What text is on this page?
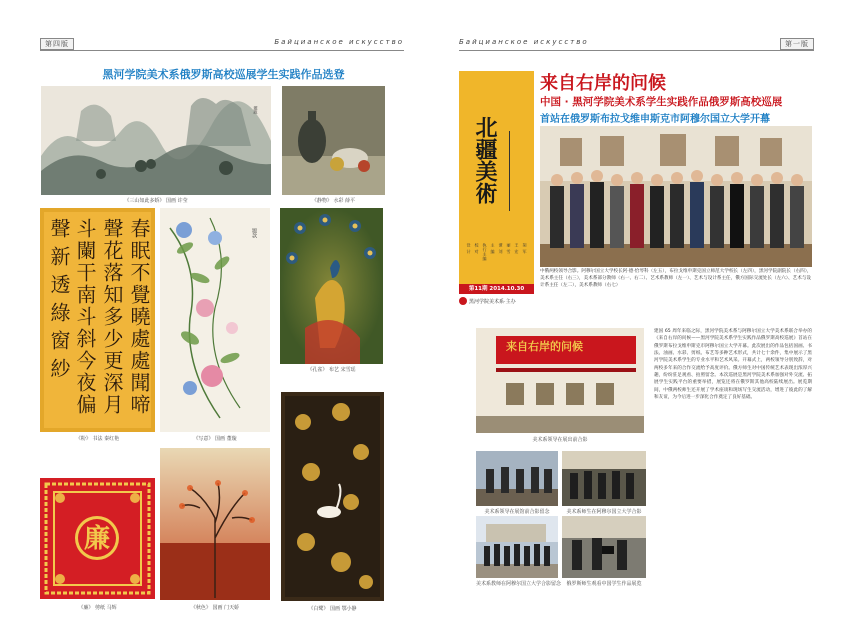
第四版	Байцианское искусство
黑河学院美术系俄罗斯高校巡展学生实践作品选登
题跋
《三山如此多娇》 国画 许莹	《静物》 水彩 薛平
聲新透綠窗紗 斗闌干南斗斜今夜偏 聲花落知多少更深月 春眠不覺曉處處聞啼
《粉》 书法 秦红艳
题款
《写意》 国画 董璇
《孔雀》 布艺 宋雪瑶
《白鹭》 国画 鄂小静
廉
《廉》 剪纸 马辉	《秋色》 国画 门天娇
Байцианское искусство	第一版
北疆美術
设 计 校 对 执行主编 主 编 谭 刘 丽 雪 王 宏 胡 军
第11期 2014.10.30
黑河学院美术系·主办
来自右岸的问候
中国 · 黑河学院美术系学生实践作品俄罗斯高校巡展
首站在俄罗斯布拉戈维申斯克市阿穆尔国立大学开幕
中俄两校领导合影。阿穆尔国立大学校长阿·德·恰琴科（左五），布拉戈维申斯克国立师范大学校长（左四），黑河学院副院长（右四），美术系主任（右三），美术系部分教师（右一、右二）、艺术系教师（左一）、艺术与设计系主任，俄方国际交流处长（左六）、艺术与设计系主任（左二），美术系教师（右七）
来自右岸的问候
美术系领导在展出前合影
美术系领导在展馆前合影留念	美术系师生在阿穆尔国立大学合影
美术系教师在阿穆尔国立大学合影留念	俄罗斯师生观看中国学生作品展览
建国 65 周年来临之际，黑河学院美术系与阿穆尔国立大学美术系联合举办的《来自右岸的问候——黑河学院美术系学生实践作品俄罗斯高校巡展》首站在俄罗斯布拉戈维申斯克市阿穆尔国立大学开幕。此次展出的作品包括国画、书法、油画、水彩、剪纸、布艺等多种艺术形式，共计七十余件，集中展示了黑河学院美术系学生的专业水平和艺术风采。开幕式上，两校领导分别致辞，对两校多年来的合作交流给予高度评价。俄方师生对中国传统艺术表现出浓厚兴趣，纷纷驻足观看、拍照留念。本次巡展是黑河学院美术系加强对外交流、拓展学生实践平台的重要举措，展览还将在俄罗斯其他高校陆续展出。展览期间，中俄两校师生还开展了学术座谈和现场写生交流活动，增进了彼此的了解和友谊，为今后进一步深化合作奠定了良好基础。
